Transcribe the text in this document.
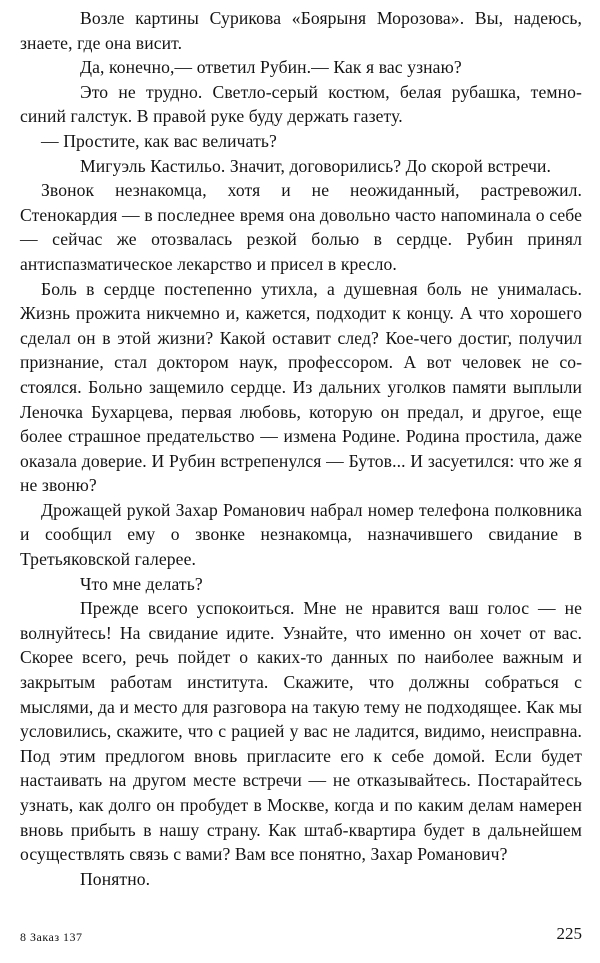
Возле картины Сурикова «Боярыня Морозова». Вы, надеюсь, знаете, где она висит.

Да, конечно,— ответил Рубин.— Как я вас узнаю?

Это не трудно. Светло-серый костюм, белая рубашка, темно-синий галстук. В правой руке буду держать газету.

— Простите, как вас величать?

Мигуэль Кастильо. Значит, договорились? До скорой встречи.

Звонок незнакомца, хотя и не неожиданный, растревожил. Стенокардия — в последнее время она довольно часто напоминала о себе — сейчас же отозвалась резкой болью в сердце. Рубин принял антиспазматическое лекарство и присел в кресло.

Боль в сердце постепенно утихла, а душевная боль не унималась. Жизнь прожита никчемно и, кажется, подходит к концу. А что хорошего сделал он в этой жизни? Какой оставит след? Кое-чего достиг, получил признание, стал доктором наук, профессором. А вот человек не состоялся. Больно защемило сердце. Из дальних уголков памяти выплыли Леночка Бухарцева, первая любовь, которую он предал, и другое, еще более страшное предательство — измена Родине. Родина простила, даже оказала доверие. И Рубин встрепенулся — Бутов... И засуетился: что же я не звоню?

Дрожащей рукой Захар Романович набрал номер телефона полковника и сообщил ему о звонке незнакомца, назначившего свидание в Третьяковской галерее.

Что мне делать?

Прежде всего успокоиться. Мне не нравится ваш голос — не волнуйтесь! На свидание идите. Узнайте, что именно он хочет от вас. Скорее всего, речь пойдет о каких-то данных по наиболее важным и закрытым работам института. Скажите, что должны собраться с мыслями, да и место для разговора на такую тему не подходящее. Как мы условились, скажите, что с рацией у вас не ладится, видимо, неисправна. Под этим предлогом вновь пригласите его к себе домой. Если будет настаивать на другом месте встречи — не отказывайтесь. Постарайтесь узнать, как долго он пробудет в Москве, когда и по каким делам намерен вновь прибыть в нашу страну. Как штаб-квартира будет в дальнейшем осуществлять связь с вами? Вам все понятно, Захар Романович?

Понятно.

8 Заказ 137	225
